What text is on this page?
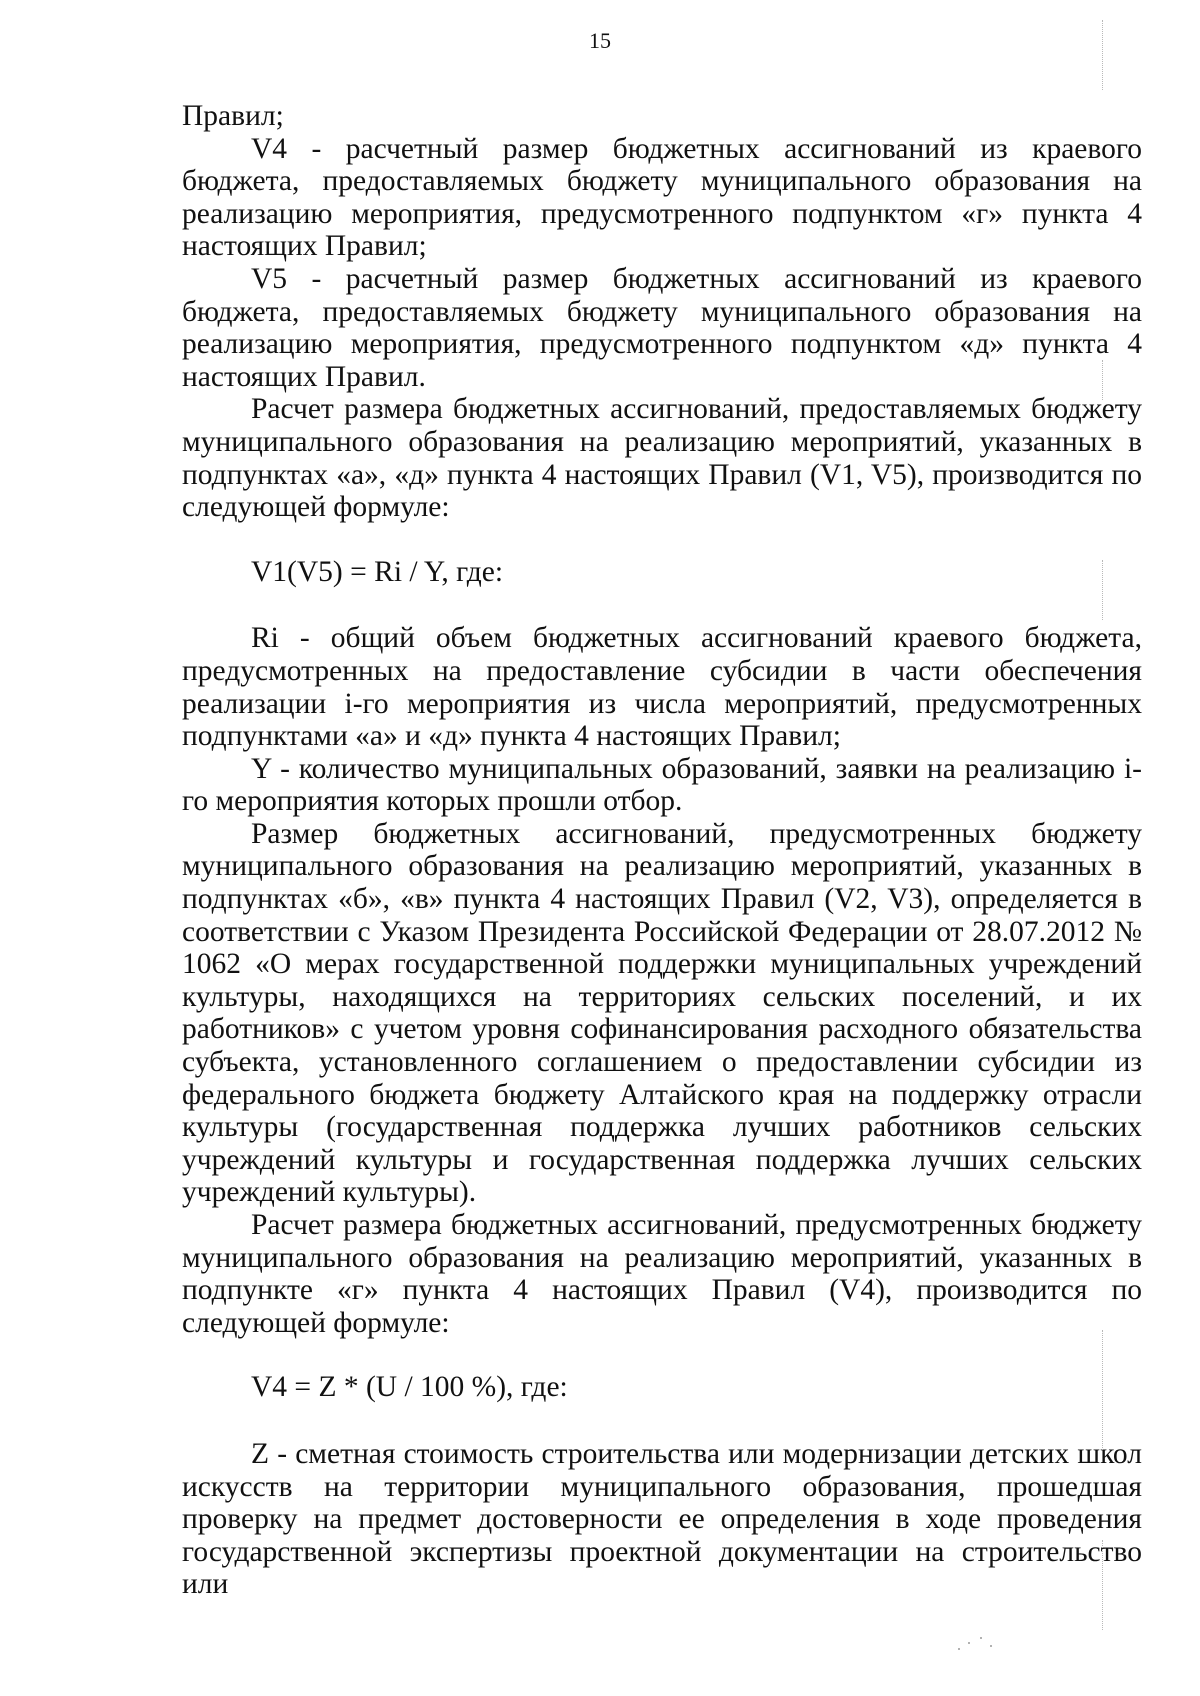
15

Правил;

V4 - расчетный размер бюджетных ассигнований из краевого бюджета, предоставляемых бюджету муниципального образования на реализацию мероприятия, предусмотренного подпунктом «г» пункта 4 настоящих Правил;

V5 - расчетный размер бюджетных ассигнований из краевого бюджета, предоставляемых бюджету муниципального образования на реализацию мероприятия, предусмотренного подпунктом «д» пункта 4 настоящих Правил.

Расчет размера бюджетных ассигнований, предоставляемых бюджету муниципального образования на реализацию мероприятий, указанных в подпунктах «а», «д» пункта 4 настоящих Правил (V1, V5), производится по следующей формуле:

V1(V5) = Ri / Y, где:

Ri - общий объем бюджетных ассигнований краевого бюджета, предусмотренных на предоставление субсидии в части обеспечения реализации i-го мероприятия из числа мероприятий, предусмотренных подпунктами «а» и «д» пункта 4 настоящих Правил;

Y - количество муниципальных образований, заявки на реализацию i-го мероприятия которых прошли отбор.

Размер бюджетных ассигнований, предусмотренных бюджету муниципального образования на реализацию мероприятий, указанных в подпунктах «б», «в» пункта 4 настоящих Правил (V2, V3), определяется в соответствии с Указом Президента Российской Федерации от 28.07.2012 № 1062 «О мерах государственной поддержки муниципальных учреждений культуры, находящихся на территориях сельских поселений, и их работников» с учетом уровня софинансирования расходного обязательства субъекта, установленного соглашением о предоставлении субсидии из федерального бюджета бюджету Алтайского края на поддержку отрасли культуры (государственная поддержка лучших работников сельских учреждений культуры и государственная поддержка лучших сельских учреждений культуры).

Расчет размера бюджетных ассигнований, предусмотренных бюджету муниципального образования на реализацию мероприятий, указанных в подпункте «г» пункта 4 настоящих Правил (V4), производится по следующей формуле:

V4 = Z * (U / 100 %), где:

Z - сметная стоимость строительства или модернизации детских школ искусств на территории муниципального образования, прошедшая проверку на предмет достоверности ее определения в ходе проведения государственной экспертизы проектной документации на строительство или
